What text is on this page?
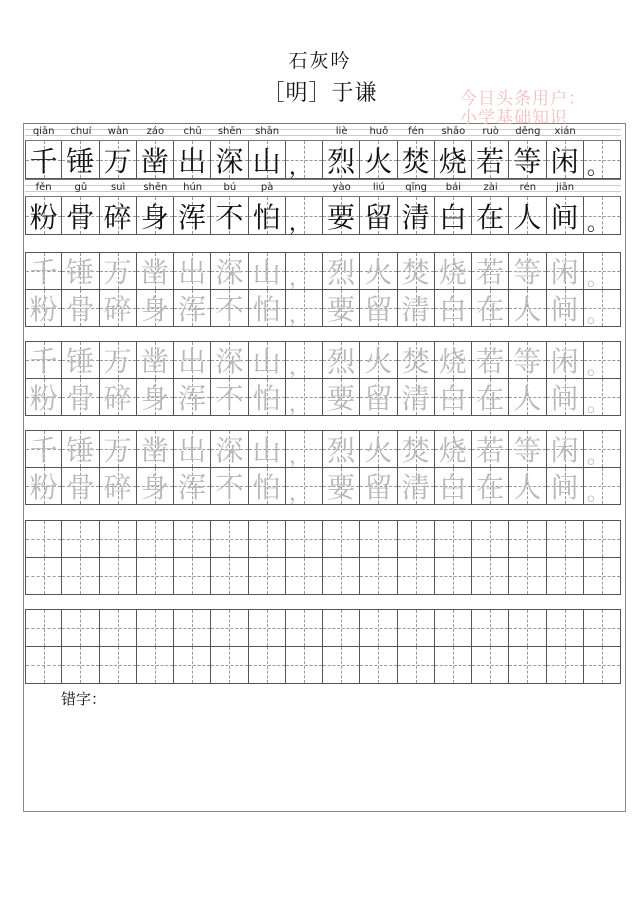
石灰吟
［明］于谦	今日头条用户：
小学基础知识
qiān	chuí	wàn	záo	chū	shēn	shān	liè	huǒ	fén	shāo	ruò	děng	xián
千 锤 万 凿 出 深 山 ， 烈 火 焚 烧 若 等 闲 。
fěn	gǔ	suì	shēn	hún	bú	pà	yào	liú	qīng	bái	zài	rén	jiān
粉 骨 碎 身 浑 不 怕 ， 要 留 清 白 在 人 间 。
千 锤 万 凿 出 深 山 ， 烈 火 焚 烧 若 等 闲 。
粉 骨 碎 身 浑 不 怕 ， 要 留 清 白 在 人 间 。
千 锤 万 凿 出 深 山 ， 烈 火 焚 烧 若 等 闲 。
粉 骨 碎 身 浑 不 怕 ， 要 留 清 白 在 人 间 。
千 锤 万 凿 出 深 山 ， 烈 火 焚 烧 若 等 闲 。
粉 骨 碎 身 浑 不 怕 ， 要 留 清 白 在 人 间 。
错字：
